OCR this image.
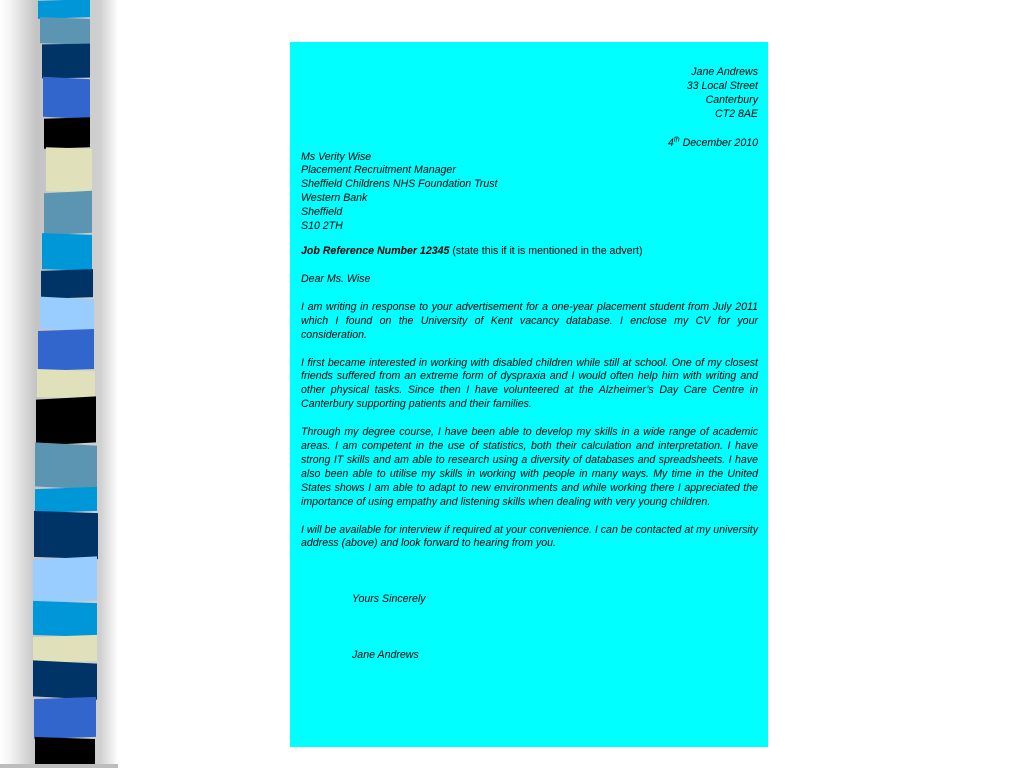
Jane Andrews

33 Local Street

Canterbury

CT2 8AE

4th December 2010

Ms Verity Wise

Placement Recruitment Manager

Sheffield Childrens NHS Foundation Trust

Western Bank

Sheffield

S10 2TH

Job Reference Number 12345 (state this if it is mentioned in the advert)

Dear Ms. Wise

I am writing in response to your advertisement for a one-year placement student from July 2011 which I found on the University of Kent vacancy database. I enclose my CV for your consideration.

I first became interested in working with disabled children while still at school. One of my closest friends suffered from an extreme form of dyspraxia and I would often help him with writing and other physical tasks. Since then I have volunteered at the Alzheimer’s Day Care Centre in Canterbury supporting patients and their families.

Through my degree course, I have been able to develop my skills in a wide range of academic areas. I am competent in the use of statistics, both their calculation and interpretation. I have strong IT skills and am able to research using a diversity of databases and spreadsheets. I have also been able to utilise my skills in working with people in many ways. My time in the United States shows I am able to adapt to new environments and while working there I appreciated the importance of using empathy and listening skills when dealing with very young children.

I will be available for interview if required at your convenience. I can be contacted at my university address (above) and look forward to hearing from you.

Yours Sincerely

Jane Andrews
